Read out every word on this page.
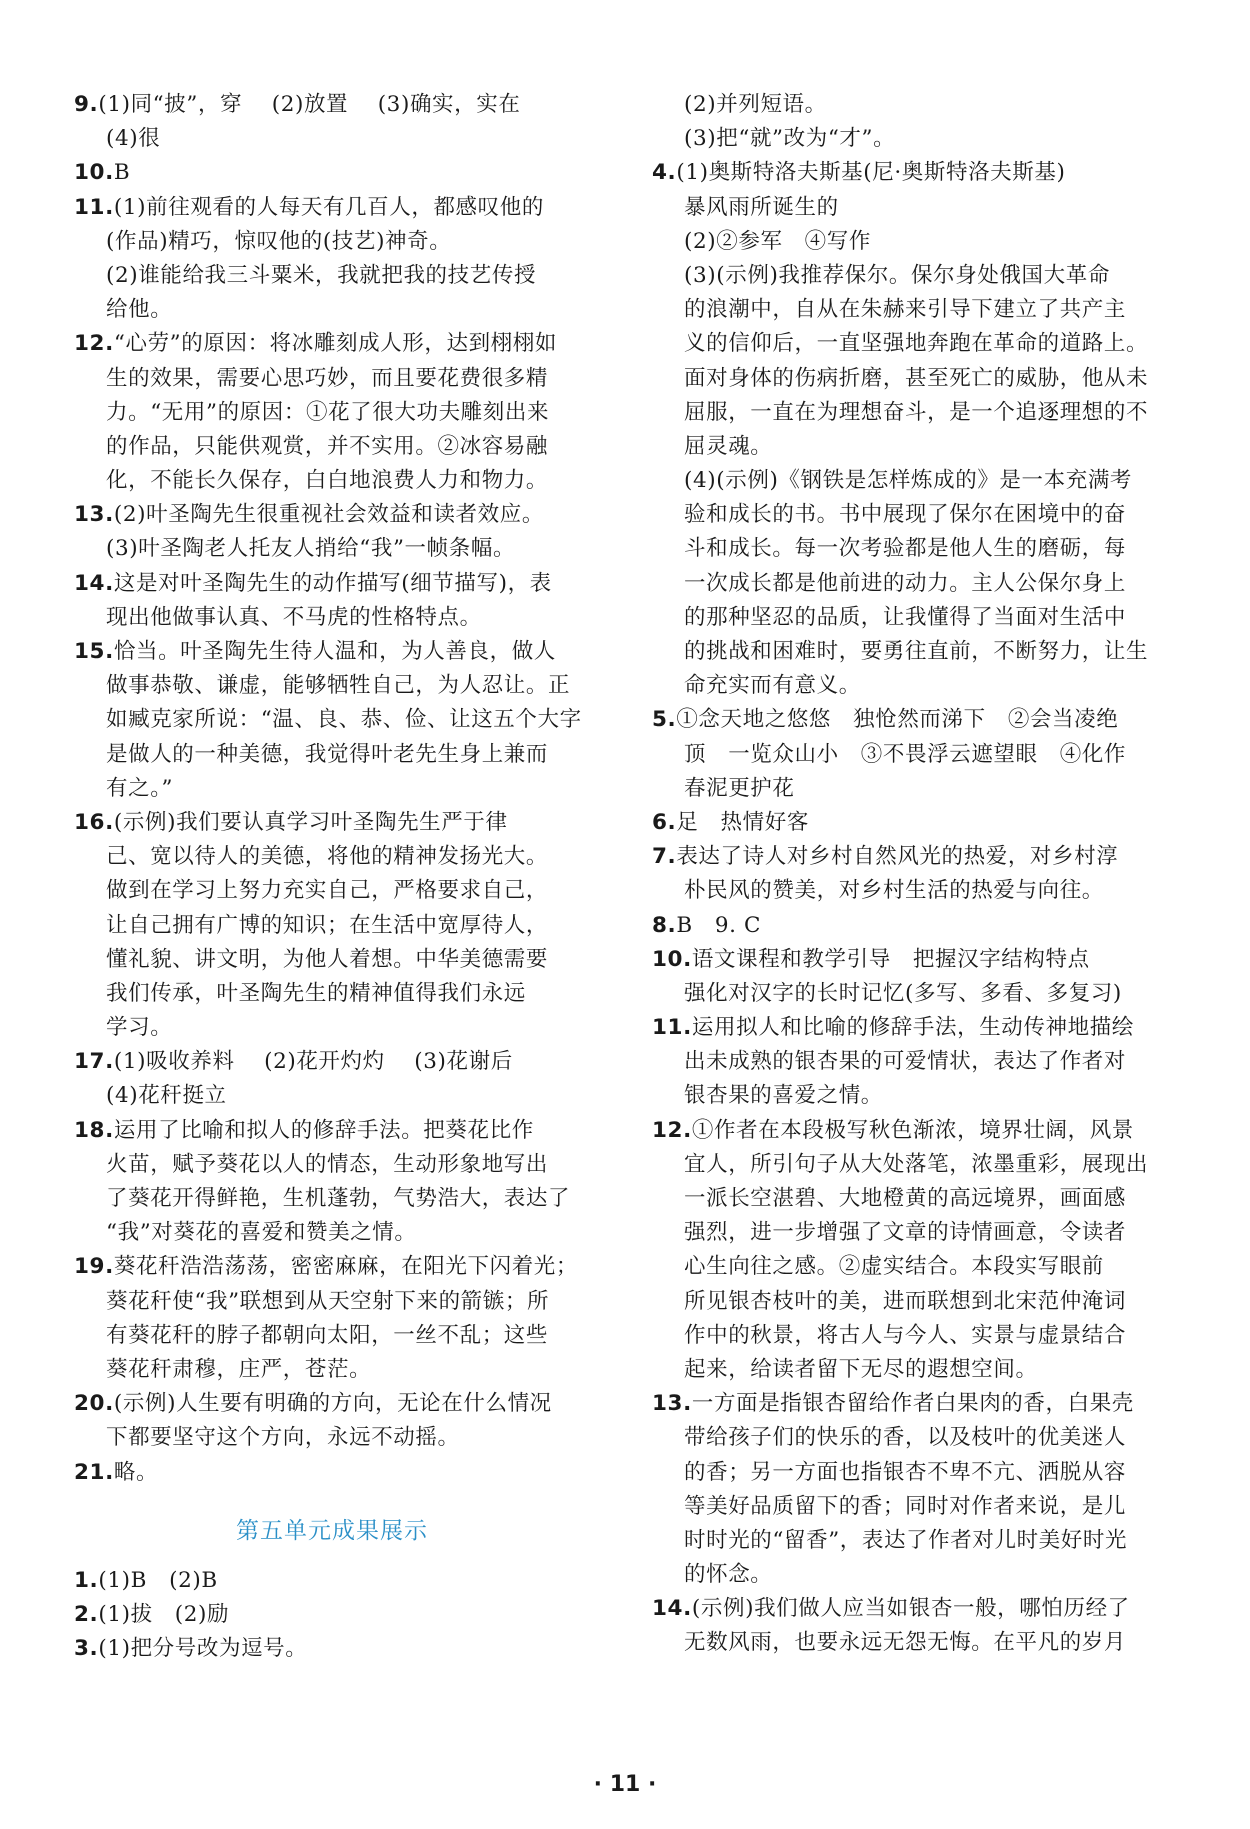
9.(1)同“披”，穿　 (2)放置　 (3)确实，实在
(4)很
10.B
11.(1)前往观看的人每天有几百人，都感叹他的
(作品)精巧，惊叹他的(技艺)神奇。
(2)谁能给我三斗粟米，我就把我的技艺传授
给他。
12.“心劳”的原因：将冰雕刻成人形，达到栩栩如
生的效果，需要心思巧妙，而且要花费很多精
力。“无用”的原因：①花了很大功夫雕刻出来
的作品，只能供观赏，并不实用。②冰容易融
化，不能长久保存，白白地浪费人力和物力。
13.(2)叶圣陶先生很重视社会效益和读者效应。
(3)叶圣陶老人托友人捎给“我”一帧条幅。
14.这是对叶圣陶先生的动作描写(细节描写)，表
现出他做事认真、不马虎的性格特点。
15.恰当。叶圣陶先生待人温和，为人善良，做人
做事恭敬、谦虚，能够牺牲自己，为人忍让。正
如臧克家所说：“温、良、恭、俭、让这五个大字
是做人的一种美德，我觉得叶老先生身上兼而
有之。”
16.(示例)我们要认真学习叶圣陶先生严于律
己、宽以待人的美德，将他的精神发扬光大。
做到在学习上努力充实自己，严格要求自己，
让自己拥有广博的知识；在生活中宽厚待人，
懂礼貌、讲文明，为他人着想。中华美德需要
我们传承，叶圣陶先生的精神值得我们永远
学习。
17.(1)吸收养料　 (2)花开灼灼　 (3)花谢后
(4)花秆挺立
18.运用了比喻和拟人的修辞手法。把葵花比作
火苗，赋予葵花以人的情态，生动形象地写出
了葵花开得鲜艳，生机蓬勃，气势浩大，表达了
“我”对葵花的喜爱和赞美之情。
19.葵花秆浩浩荡荡，密密麻麻，在阳光下闪着光；
葵花秆使“我”联想到从天空射下来的箭镞；所
有葵花秆的脖子都朝向太阳，一丝不乱；这些
葵花秆肃穆，庄严，苍茫。
20.(示例)人生要有明确的方向，无论在什么情况
下都要坚守这个方向，永远不动摇。
21.略。
第五单元成果展示
1.(1)B　(2)B
2.(1)拔　(2)励
3.(1)把分号改为逗号。
(2)并列短语。
(3)把“就”改为“才”。
4.(1)奥斯特洛夫斯基(尼·奥斯特洛夫斯基)
暴风雨所诞生的
(2)②参军　④写作
(3)(示例)我推荐保尔。保尔身处俄国大革命
的浪潮中，自从在朱赫来引导下建立了共产主
义的信仰后，一直坚强地奔跑在革命的道路上。
面对身体的伤病折磨，甚至死亡的威胁，他从未
屈服，一直在为理想奋斗，是一个追逐理想的不
屈灵魂。
(4)(示例)《钢铁是怎样炼成的》是一本充满考
验和成长的书。书中展现了保尔在困境中的奋
斗和成长。每一次考验都是他人生的磨砺，每
一次成长都是他前进的动力。主人公保尔身上
的那种坚忍的品质，让我懂得了当面对生活中
的挑战和困难时，要勇往直前，不断努力，让生
命充实而有意义。
5.①念天地之悠悠　独怆然而涕下　②会当凌绝
顶　一览众山小　③不畏浮云遮望眼　④化作
春泥更护花
6.足　热情好客
7.表达了诗人对乡村自然风光的热爱，对乡村淳
朴民风的赞美，对乡村生活的热爱与向往。
8.B　9. C
10.语文课程和教学引导　把握汉字结构特点
强化对汉字的长时记忆(多写、多看、多复习)
11.运用拟人和比喻的修辞手法，生动传神地描绘
出未成熟的银杏果的可爱情状，表达了作者对
银杏果的喜爱之情。
12.①作者在本段极写秋色渐浓，境界壮阔，风景
宜人，所引句子从大处落笔，浓墨重彩，展现出
一派长空湛碧、大地橙黄的高远境界，画面感
强烈，进一步增强了文章的诗情画意，令读者
心生向往之感。②虚实结合。本段实写眼前
所见银杏枝叶的美，进而联想到北宋范仲淹词
作中的秋景，将古人与今人、实景与虚景结合
起来，给读者留下无尽的遐想空间。
13.一方面是指银杏留给作者白果肉的香，白果壳
带给孩子们的快乐的香，以及枝叶的优美迷人
的香；另一方面也指银杏不卑不亢、洒脱从容
等美好品质留下的香；同时对作者来说，是儿
时时光的“留香”，表达了作者对儿时美好时光
的怀念。
14.(示例)我们做人应当如银杏一般，哪怕历经了
无数风雨，也要永远无怨无悔。在平凡的岁月
· 11 ·
